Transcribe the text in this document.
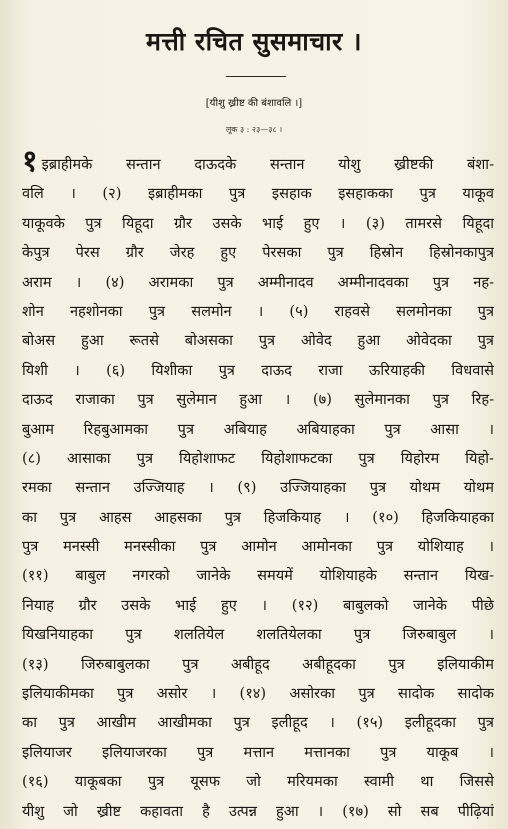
मत्ती रचित सुसमाचार ।
[यीशु ख्रीष्ट की बंशावलि ।]
लूक ३ : २३—३८ ।
१ इब्राहीमके सन्तान दाऊदके सन्तान योशु ख्रीष्टकी बंशा-
वलि । (२) इब्राहीमका पुत्र इसहाक इसहाकका पुत्र याकूव
याकूवके पुत्र यिहूदा ग्रौर उसके भाई हुए । (३) तामरसे यिहूदा
केपुत्र पेरस ग्रौर जेरह हुए पेरसका पुत्र हिस्रोन हिस्रोनकापुत्र
अराम । (४) अरामका पुत्र अम्मीनादव अम्मीनादवका पुत्र नह-
शोन नहशोनका पुत्र सलमोन । (५) राहवसे सलमोनका पुत्र
बोअस हुआ रूतसे बोअसका पुत्र ओवेद हुआ ओवेदका पुत्र
यिशी । (६) यिशीका पुत्र दाऊद राजा ऊरियाहकी विधवासे
दाऊद राजाका पुत्र सुलेमान हुआ । (७) सुलेमानका पुत्र रिह-
बुआम रिहबुआमका पुत्र अबियाह अबियाहका पुत्र आसा ।
(८) आसाका पुत्र यिहोशाफट यिहोशाफटका पुत्र यिहोरम यिहो-
रमका सन्तान उज्जियाह । (९) उज्जियाहका पुत्र योथम योथम
का पुत्र आहस आहसका पुत्र हिजकियाह । (१०) हिजकियाहका
पुत्र मनस्सी मनस्सीका पुत्र आमोन आमोनका पुत्र योशियाह ।
(११) बाबुल नगरको जानेके समयमें योशियाहके सन्तान यिख-
नियाह ग्रौर उसके भाई हुए । (१२) बाबुलको जानेके पीछे
यिखनियाहका पुत्र शलतियेल शलतियेलका पुत्र जिरुबाबुल ।
(१३) जिरुबाबुलका पुत्र अबीहूद अबीहूदका पुत्र इलियाकीम
इलियाकीमका पुत्र असोर । (१४) असोरका पुत्र सादोक सादोक
का पुत्र आखीम आखीमका पुत्र इलीहूद । (१५) इलीहूदका पुत्र
इलियाजर इलियाजरका पुत्र मत्तान मत्तानका पुत्र याकूब ।
(१६) याकूबका पुत्र यूसफ जो मरियमका स्वामी था जिससे
यीशु जो ख्रीष्ट कहावता है उत्पन्न हुआ । (१७) सो सब पीढ़ियां
